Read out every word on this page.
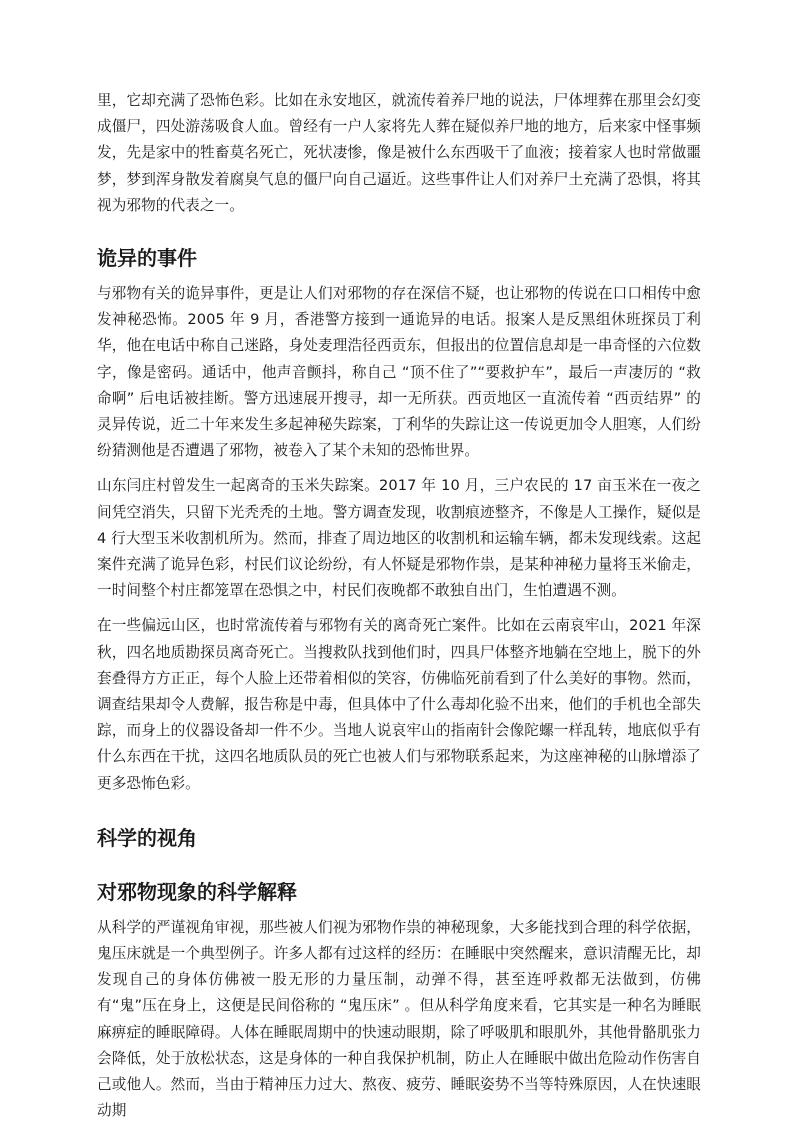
里，它却充满了恐怖色彩。比如在永安地区，就流传着养尸地的说法，尸体埋葬在那里会幻变成僵尸，四处游荡吸食人血。曾经有一户人家将先人葬在疑似养尸地的地方，后来家中怪事频发，先是家中的牲畜莫名死亡，死状凄惨，像是被什么东西吸干了血液；接着家人也时常做噩梦，梦到浑身散发着腐臭气息的僵尸向自己逼近。这些事件让人们对养尸土充满了恐惧，将其视为邪物的代表之一。

诡异的事件

与邪物有关的诡异事件，更是让人们对邪物的存在深信不疑，也让邪物的传说在口口相传中愈发神秘恐怖。2005 年 9 月，香港警方接到一通诡异的电话。报案人是反黑组休班探员丁利华，他在电话中称自己迷路，身处麦理浩径西贡东，但报出的位置信息却是一串奇怪的六位数字，像是密码。通话中，他声音颤抖，称自己 “顶不住了”“要救护车”，最后一声凄厉的 “救命啊” 后电话被挂断。警方迅速展开搜寻，却一无所获。西贡地区一直流传着 “西贡结界” 的灵异传说，近二十年来发生多起神秘失踪案，丁利华的失踪让这一传说更加令人胆寒，人们纷纷猜测他是否遭遇了邪物，被卷入了某个未知的恐怖世界。

山东闫庄村曾发生一起离奇的玉米失踪案。2017 年 10 月，三户农民的 17 亩玉米在一夜之间凭空消失，只留下光秃秃的土地。警方调查发现，收割痕迹整齐，不像是人工操作，疑似是 4 行大型玉米收割机所为。然而，排查了周边地区的收割机和运输车辆，都未发现线索。这起案件充满了诡异色彩，村民们议论纷纷，有人怀疑是邪物作祟，是某种神秘力量将玉米偷走，一时间整个村庄都笼罩在恐惧之中，村民们夜晚都不敢独自出门，生怕遭遇不测。

在一些偏远山区，也时常流传着与邪物有关的离奇死亡案件。比如在云南哀牢山，2021 年深秋，四名地质勘探员离奇死亡。当搜救队找到他们时，四具尸体整齐地躺在空地上，脱下的外套叠得方方正正，每个人脸上还带着相似的笑容，仿佛临死前看到了什么美好的事物。然而，调查结果却令人费解，报告称是中毒，但具体中了什么毒却化验不出来，他们的手机也全部失踪，而身上的仪器设备却一件不少。当地人说哀牢山的指南针会像陀螺一样乱转，地底似乎有什么东西在干扰，这四名地质队员的死亡也被人们与邪物联系起来，为这座神秘的山脉增添了更多恐怖色彩。

科学的视角
对邪物现象的科学解释

从科学的严谨视角审视，那些被人们视为邪物作祟的神秘现象，大多能找到合理的科学依据，鬼压床就是一个典型例子。许多人都有过这样的经历：在睡眠中突然醒来，意识清醒无比，却发现自己的身体仿佛被一股无形的力量压制，动弹不得，甚至连呼救都无法做到，仿佛有“鬼”压在身上，这便是民间俗称的 “鬼压床” 。但从科学角度来看，它其实是一种名为睡眠麻痹症的睡眠障碍。人体在睡眠周期中的快速动眼期，除了呼吸肌和眼肌外，其他骨骼肌张力会降低，处于放松状态，这是身体的一种自我保护机制，防止人在睡眠中做出危险动作伤害自己或他人。然而，当由于精神压力过大、熬夜、疲劳、睡眠姿势不当等特殊原因，人在快速眼动期
